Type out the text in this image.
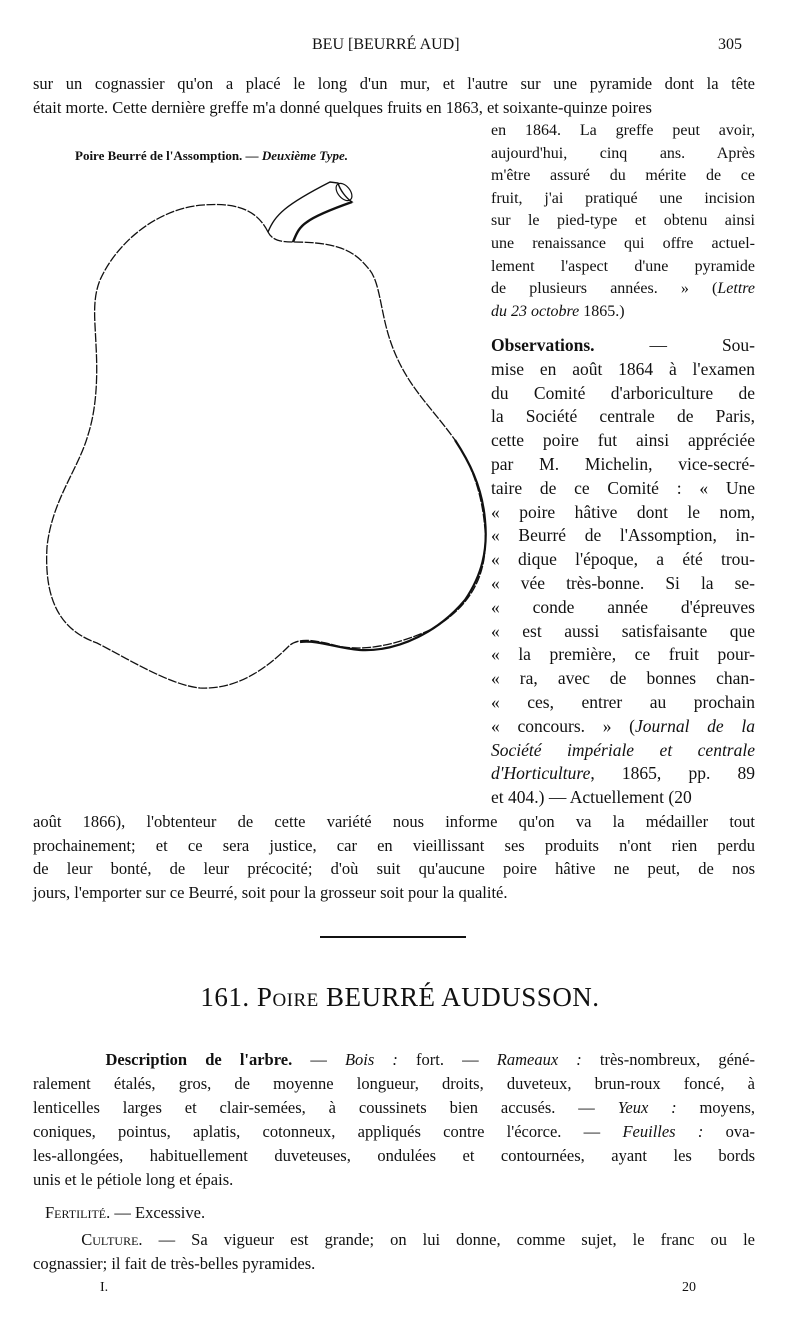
BEU [BEURRÉ AUD]	305
sur un cognassier qu'on a placé le long d'un mur, et l'autre sur une pyramide dont la tête
était morte. Cette dernière greffe m'a donné quelques fruits en 1863, et soixante-quinze poires
Poire Beurré de l'Assomption. — Deuxième Type.
en 1864. La greffe peut avoir,
aujourd'hui, cinq ans. Après
m'être assuré du mérite de ce
fruit, j'ai pratiqué une incision
sur le pied-type et obtenu ainsi
une renaissance qui offre actuel-
lement l'aspect d'une pyramide
de plusieurs années. » (Lettre
du 23 octobre 1865.)
Observations. — Sou-
mise en août 1864 à l'examen
du Comité d'arboriculture de
la Société centrale de Paris,
cette poire fut ainsi appréciée
par M. Michelin, vice-secré-
taire de ce Comité : « Une
« poire hâtive dont le nom,
« Beurré de l'Assomption, in-
« dique l'époque, a été trou-
« vée très-bonne. Si la se-
« conde année d'épreuves
« est aussi satisfaisante que
« la première, ce fruit pour-
« ra, avec de bonnes chan-
« ces, entrer au prochain
« concours. » (Journal de la
Société impériale et centrale
d'Horticulture, 1865, pp. 89
et 404.) — Actuellement (20
août 1866), l'obtenteur de cette variété nous informe qu'on va la médailler tout
prochainement; et ce sera justice, car en vieillissant ses produits n'ont rien perdu
de leur bonté, de leur précocité; d'où suit qu'aucune poire hâtive ne peut, de nos
jours, l'emporter sur ce Beurré, soit pour la grosseur soit pour la qualité.
161. Poire BEURRÉ AUDUSSON.
Description de l'arbre. — Bois : fort. — Rameaux : très-nombreux, géné-
ralement étalés, gros, de moyenne longueur, droits, duveteux, brun-roux foncé, à
lenticelles larges et clair-semées, à coussinets bien accusés. — Yeux : moyens,
coniques, pointus, aplatis, cotonneux, appliqués contre l'écorce. — Feuilles : ova-
les-allongées, habituellement duveteuses, ondulées et contournées, ayant les bords
unis et le pétiole long et épais.
Fertilité. — Excessive.
Culture. — Sa vigueur est grande; on lui donne, comme sujet, le franc ou le
cognassier; il fait de très-belles pyramides.
I.	20
